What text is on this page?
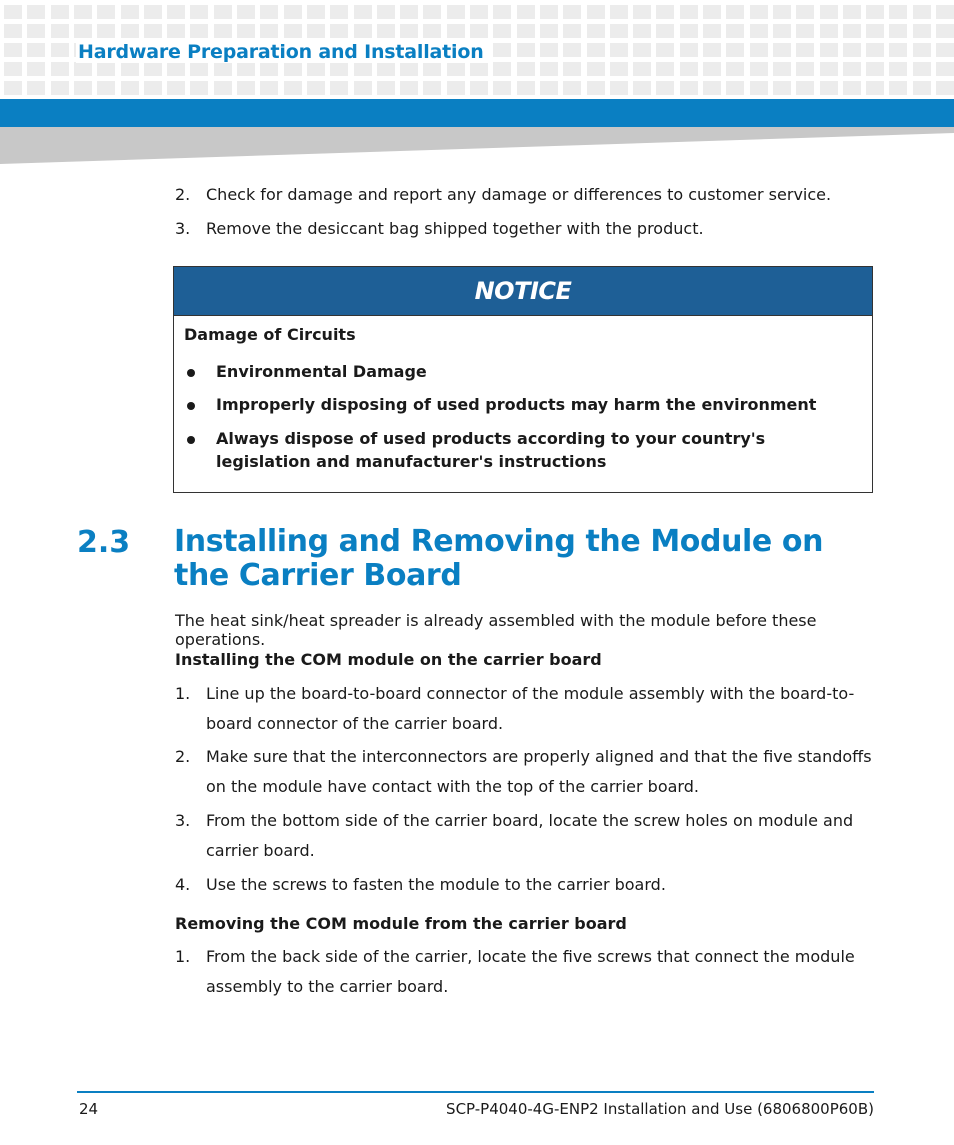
Hardware Preparation and Installation
2. Check for damage and report any damage or differences to customer service.
3. Remove the desiccant bag shipped together with the product.
NOTICE
Damage of Circuits
Environmental Damage
Improperly disposing of used products may harm the environment
Always dispose of used products according to your country's legislation and manufacturer's instructions
2.3 Installing and Removing the Module on the Carrier Board
The heat sink/heat spreader is already assembled with the module before these operations.
Installing the COM module on the carrier board
1. Line up the board-to-board connector of the module assembly with the board-to-board connector of the carrier board.
2. Make sure that the interconnectors are properly aligned and that the five standoffs on the module have contact with the top of the carrier board.
3. From the bottom side of the carrier board, locate the screw holes on module and carrier board.
4. Use the screws to fasten the module to the carrier board.
Removing the COM module from the carrier board
1. From the back side of the carrier, locate the five screws that connect the module assembly to the carrier board.
24	SCP-P4040-4G-ENP2 Installation and Use (6806800P60B)
